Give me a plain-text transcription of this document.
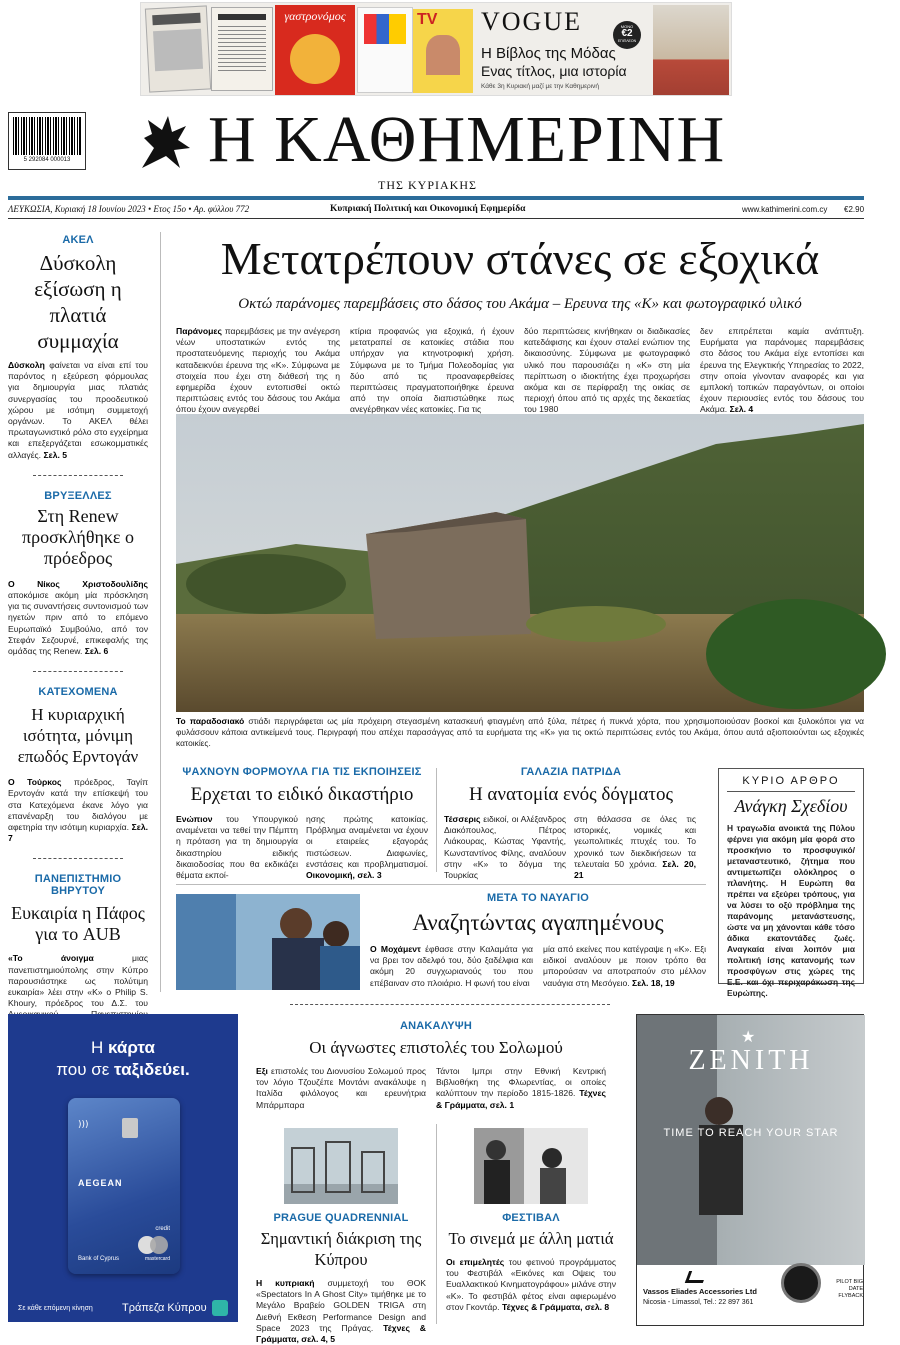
γαστρονόμος	TV	VOGUE
Η Βίβλος της Μόδας
Ενας τίτλος, μια ιστορία
Κάθε 3η Κυριακή μαζί με την Καθημερινή
ΜΟΝΟ
€2
ΕΠΙΠΛΕΟΝ
5 292084 000013 Η ΚΑΘΗΜΕΡΙΝΗ
ΤΗΣ ΚΥΡΙΑΚΗΣ
ΛΕΥΚΩΣΙΑ, Κυριακή 18 Ιουνίου 2023 • Ετος 15ο • Αρ. φύλλου 772	Κυπριακή Πολιτική και Οικονομική Εφημερίδα	www.kathimerini.com.cy €2.90
ΑΚΕΛ
Δύσκολη εξίσωση η πλατιά συμμαχία
Δύσκολη φαίνεται να είναι επί του παρόντος η εξεύρεση φόρμουλας για δημιουργία μιας πλατιάς συνεργασίας του προοδευτικού χώρου με ισότιμη συμμετοχή οργάνων. Το ΑΚΕΛ θέλει πρωταγωνιστικό ρόλο στο εγχείρημα και επεξεργάζεται εσωκομματικές αλλαγές. Σελ. 5
ΒΡΥΞΕΛΛΕΣ
Στη Renew προσκλήθηκε ο πρόεδρος
Ο Νίκος Χριστοδουλίδης αποκόμισε ακόμη μία πρόσκληση για τις συναντήσεις συντονισμού των ηγετών πριν από το επόμενο Ευρωπαϊκό Συμβούλιο, από τον Στεφάν Σεζουρνέ, επικεφαλής της ομάδας της Renew. Σελ. 6
ΚΑΤΕΧΟΜΕΝΑ
Η κυριαρχική ισότητα, μόνιμη επωδός Ερντογάν
Ο Τούρκος πρόεδρος, Ταγίπ Ερντογάν κατά την επίσκεψή του στα Κατεχόμενα έκανε λόγο για επανέναρξη του διαλόγου με αφετηρία την ισότιμη κυριαρχία. Σελ. 7
ΠΑΝΕΠΙΣΤΗΜΙΟ ΒΗΡΥΤΟΥ
Ευκαιρία η Πάφος για το AUB
«Το άνοιγμα	μιας πανεπιστημιούπολης στην Κύπρο παρουσιάστηκε ως πολύτιμη ευκαιρία» λέει στην «Κ» ο Philip S. Khoury, πρόεδρος του Δ.Σ. του
Μετατρέπουν στάνες σε εξοχικά
Οκτώ παράνομες παρεμβάσεις στο δάσος του Ακάμα – Ερευνα της «Κ» και φωτογραφικό υλικό
Παράνομες παρεμβάσεις με την ανέγερση νέων υποστατικών εντός της προστατευόμενης περιοχής του Ακάμα καταδεικνύει έρευνα της «Κ». Σύμφωνα με στοιχεία που έχει στη διάθεσή της η εφημερίδα έχουν εντοπισθεί οκτώ περιπτώσεις εντός του δάσους του Ακάμα όπου έχουν ανεγερθεί
κτίρια προφανώς για εξοχικά, ή έχουν μετατραπεί σε κατοικίες στάδια που υπήρχαν για κτηνοτροφική χρήση. Σύμφωνα με το Τμήμα Πολεοδομίας για δύο από τις προαναφερθείσες περιπτώσεις πραγματοποιήθηκε έρευνα από την οποία διαπιστώθηκε πως ανεγέρθηκαν νέες κατοικίες. Για τις
δύο περιπτώσεις κινήθηκαν οι διαδικασίες κατεδάφισης και έχουν σταλεί ενώπιον της δικαιοσύνης. Σύμφωνα με φωτογραφικό υλικό που παρουσιάζει η «Κ» στη μία περίπτωση ο ιδιοκτήτης έχει προχωρήσει ακόμα και σε περίφραξη της οικίας σε περιοχή όπου από τις αρχές της δεκαετίας του 1980
δεν επιτρέπεται καμία ανάπτυξη. Ευρήματα για παράνομες παρεμβάσεις στο δάσος του Ακάμα είχε εντοπίσει και έρευνα της Ελεγκτικής Υπηρεσίας το 2022, στην οποία γίνονταν αναφορές και για εμπλοκή τοπικών παραγόντων, οι οποίοι έχουν περιουσίες εντός του δάσους του Ακάμα. Σελ. 4
Το παραδοσιακό στιάδι περιγράφεται ως μία πρόχειρη στεγασμένη κατασκευή φτιαγμένη από ξύλα, πέτρες ή πυκνά χόρτα, που χρησιμοποιούσαν βοσκοί και ξυλοκόποι για να φυλάσσουν κάποια αντικείμενά τους. Περιγραφή που απέχει παρασάγγας από τα ευρήματα της «Κ» για τις οκτώ περιπτώσεις εντός του Ακάμα, όπου αυτά αξιοποιούνται ως εξοχικές κατοικίες.
ΨΑΧΝΟΥΝ ΦΟΡΜΟΥΛΑ ΓΙΑ ΤΙΣ ΕΚΠΟΙΗΣΕΙΣ
Ερχεται το ειδικό δικαστήριο
Ενώπιον του Υπουργικού αναμένεται να τεθεί την Πέμπτη η πρόταση για τη δημιουργία δικαστηρίου ειδικής δικαιοδοσίας που θα εκδικάζει θέματα εκποί-
ησης πρώτης κατοικίας. Πρόβλημα αναμένεται να έχουν οι εταιρείες εξαγοράς πιστώσεων. Διαφωνίες, ενστάσεις και προβληματισμοί. Οικονομική, σελ. 3
ΓΑΛΑΖΙΑ ΠΑΤΡΙΔΑ
Η ανατομία ενός δόγματος
Τέσσερις ειδικοί, οι Αλέξανδρος Διακόπουλος, Πέτρος Λιάκουρας, Κώστας Υφαντής, Κωνσταντίνος Φίλης, αναλύουν στην «Κ» το δόγμα της Τουρκίας
στη θάλασσα σε όλες τις ιστορικές, νομικές και γεωπολιτικές πτυχές του. Το χρονικό των διεκδικήσεων τα τελευταία 50 χρόνια. Σελ. 20, 21
ΚΥΡΙΟ ΑΡΘΡΟ
Ανάγκη Σχεδίου
Η τραγωδία ανοικτά της Πύλου φέρνει για ακόμη μία φορά στο προσκήνιο το προσφυγικό/μεταναστευτικό, ζήτημα που αντιμετωπίζει ολόκληρος ο πλανήτης. Η Ευρώπη θα πρέπει να εξεύρει τρόπους, για να λύσει το οξύ πρόβλημα της παράνομης μετανάστευσης, ώστε να μη χάνονται κάθε τόσο άδικα εκατοντάδες ζωές. Αναγκαία είναι λοιπόν μια πολιτική ίσης κατανομής των προσφύγων στις χώρες της Ε.Ε. και όχι περιχαράκωση της Ευρώπης.
ΜΕΤΑ ΤΟ ΝΑΥΑΓΙΟ
Αναζητώντας αγαπημένους
Ο Μοχάμεντ έφθασε στην Καλαμάτα για να βρει τον αδελφό του, δύο ξαδέλφια και ακόμη 20 συγχωριανούς του που επέβαιναν στο πλοιάριο. Η φωνή του είναι
μία από εκείνες που κατέγραψε η «Κ». Εξι ειδικοί αναλύουν με ποιον τρόπο θα μπορούσαν να αποτραπούν στο μέλλον ναυάγια στη Μεσόγειο. Σελ. 18, 19
Η κάρτα
που σε ταξιδεύει.
)))
AEGEAN
credit
mastercard
Bank of Cyprus
Σε κάθε επόμενη κίνηση	Τράπεζα Κύπρου
ΑΝΑΚΑΛΥΨΗ
Οι άγνωστες επιστολές του Σολωμού
Εξι επιστολές του Διονυσίου Σολωμού προς τον λόγιο Τζουζέπε Μοντάνι ανακάλυψε η Ιταλίδα φιλόλογος και ερευνήτρια Μπάρμπαρα
Τάντοι Ιμπρι στην Εθνική Κεντρική Βιβλιοθήκη της Φλωρεντίας, οι οποίες καλύπτουν την περίοδο 1815-1826. Τέχνες & Γράμματα, σελ. 1
PRAGUE QUADRENNIAL
Σημαντική διάκριση της Κύπρου
Η κυπριακή συμμετοχή του ΘΟΚ «Spectators In A Ghost City» τιμήθηκε με το Μεγάλο Βραβείο GOLDEN TRIGA στη Διεθνή Εκθεση Performance Design and Space 2023 της Πράγας. Τέχνες & Γράμματα, σελ. 4, 5
ΦΕΣΤΙΒΑΛ
Το σινεμά με άλλη ματιά
Οι επιμελητές του φετινού προγράμματος του Φεστιβάλ «Εικόνες και Οψεις του Ευαλλακτικού Κινηματογράφου» μιλάνε στην «Κ». Το φεστιβάλ φέτος είναι αφιερωμένο στον Γκοντάρ. Τέχνες & Γράμματα, σελ. 8
★
ZENITH
TIME TO REACH YOUR STAR
Vassos Eliades Accessories Ltd
Nicosia - Limassol, Tel.: 22 897 361
PILOT BIG DATE FLYBACK
